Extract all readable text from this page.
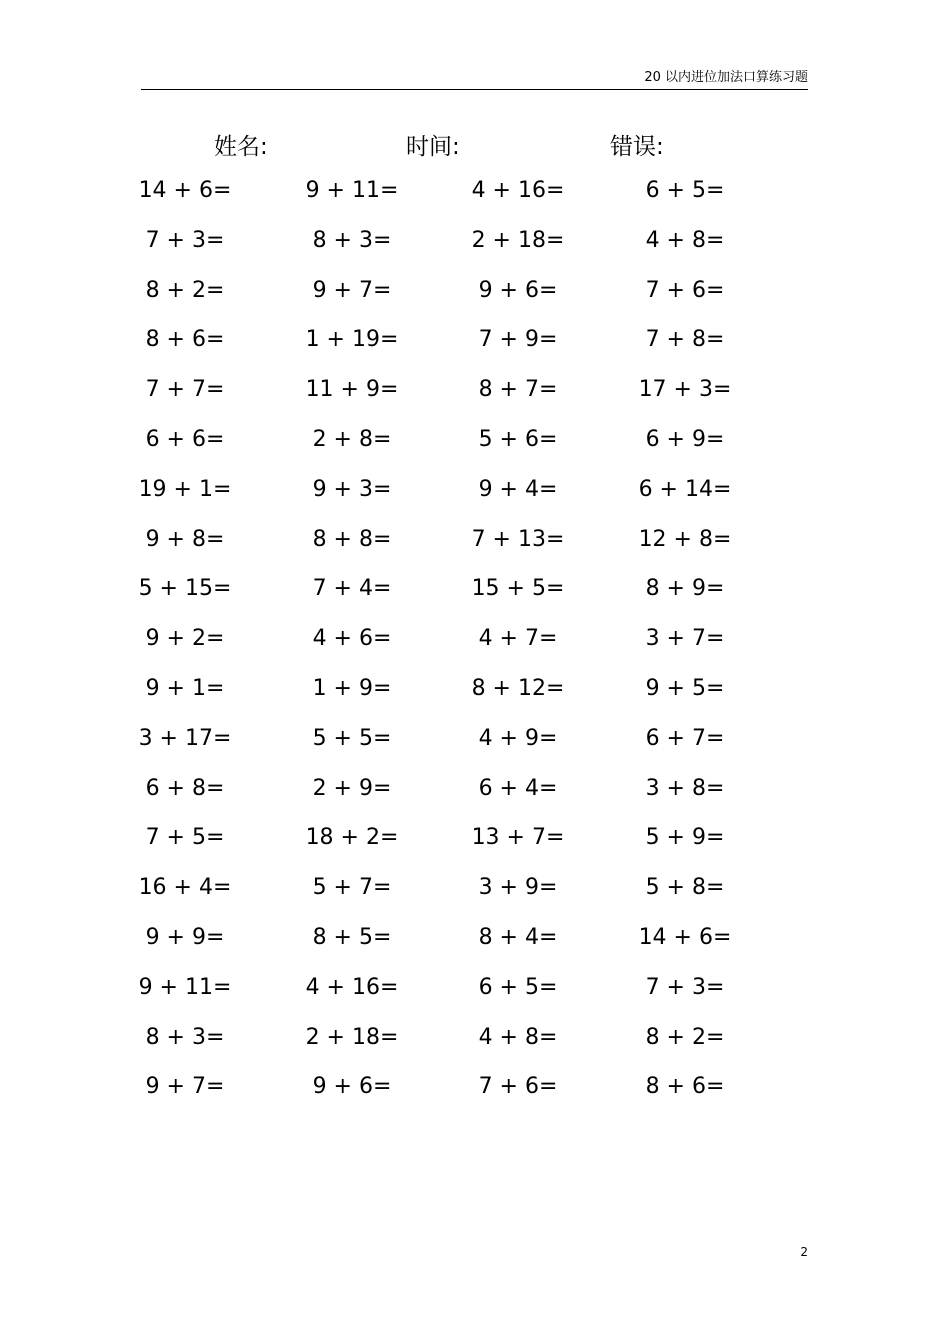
20 以内进位加法口算练习题
姓名:	时间:	错误:
14 + 6=	9 + 11=	4 + 16=	6 + 5=
7 + 3=	8 + 3=	2 + 18=	4 + 8=
8 + 2=	9 + 7=	9 + 6=	7 + 6=
8 + 6=	1 + 19=	7 + 9=	7 + 8=
7 + 7=	11 + 9=	8 + 7=	17 + 3=
6 + 6=	2 + 8=	5 + 6=	6 + 9=
19 + 1=	9 + 3=	9 + 4=	6 + 14=
9 + 8=	8 + 8=	7 + 13=	12 + 8=
5 + 15=	7 + 4=	15 + 5=	8 + 9=
9 + 2=	4 + 6=	4 + 7=	3 + 7=
9 + 1=	1 + 9=	8 + 12=	9 + 5=
3 + 17=	5 + 5=	4 + 9=	6 + 7=
6 + 8=	2 + 9=	6 + 4=	3 + 8=
7 + 5=	18 + 2=	13 + 7=	5 + 9=
16 + 4=	5 + 7=	3 + 9=	5 + 8=
9 + 9=	8 + 5=	8 + 4=	14 + 6=
9 + 11=	4 + 16=	6 + 5=	7 + 3=
8 + 3=	2 + 18=	4 + 8=	8 + 2=
9 + 7=	9 + 6=	7 + 6=	8 + 6=
2
